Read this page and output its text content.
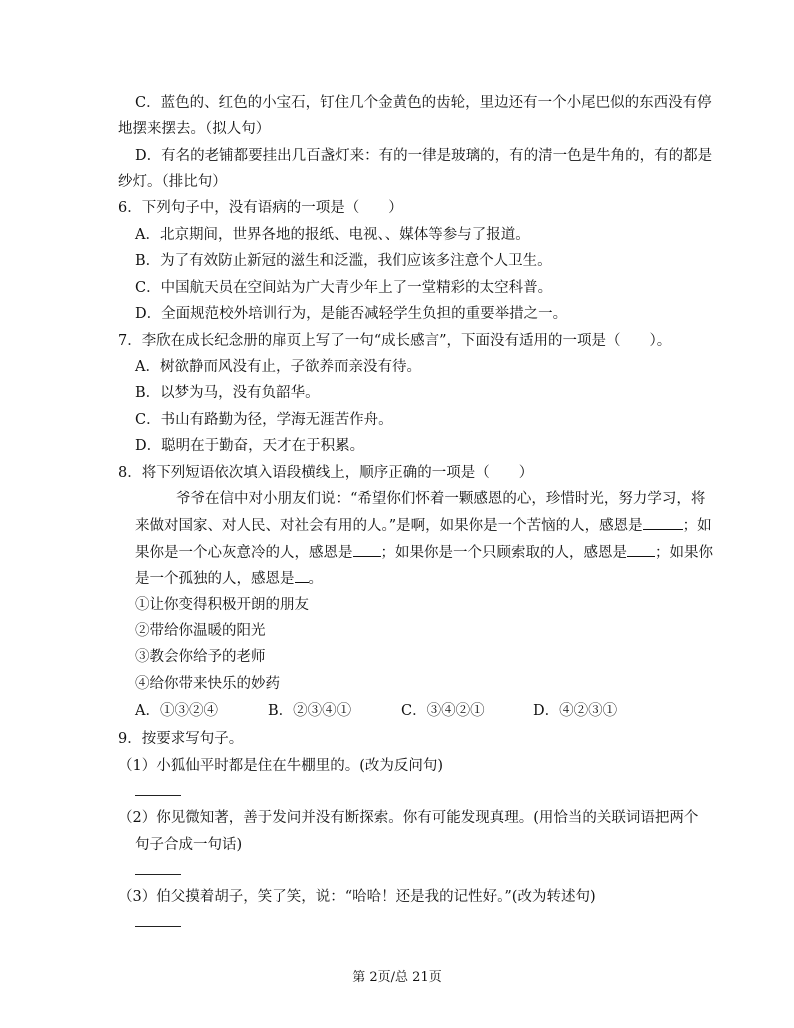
C．蓝色的、红色的小宝石，钉住几个金黄色的齿轮，里边还有一个小尾巴似的东西没有停
地摆来摆去。（拟人句）
D．有名的老铺都要挂出几百盏灯来：有的一律是玻璃的，有的清一色是牛角的，有的都是
纱灯。（排比句）
6．下列句子中，没有语病的一项是（　　）
A．北京期间，世界各地的报纸、电视、、媒体等参与了报道。
B．为了有效防止新冠的滋生和泛滥，我们应该多注意个人卫生。
C．中国航天员在空间站为广大青少年上了一堂精彩的太空科普。
D．全面规范校外培训行为，是能否减轻学生负担的重要举措之一。
7．李欣在成长纪念册的扉页上写了一句“成长感言”，下面没有适用的一项是（　　）。
A．树欲静而风没有止，子欲养而亲没有待。
B．以梦为马，没有负韶华。
C．书山有路勤为径，学海无涯苦作舟。
D．聪明在于勤奋，天才在于积累。
8．将下列短语依次填入语段横线上，顺序正确的一项是（　　）
爷爷在信中对小朋友们说：“希望你们怀着一颗感恩的心，珍惜时光，努力学习，将
来做对国家、对人民、对社会有用的人。”是啊，如果你是一个苦恼的人，感恩是	；如
果你是一个心灰意冷的人，感恩是 ；如果你是一个只顾索取的人，感恩是 ；如果你
是一个孤独的人，感恩是 。
①让你变得积极开朗的朋友
②带给你温暖的阳光
③教会你给予的老师
④给你带来快乐的妙药
A．①③②④	B．②③④①	C．③④②①	D．④②③①
9．按要求写句子。
（1）小狐仙平时都是住在牛棚里的。(改为反问句)
（2）你见微知著，善于发问并没有断探索。你有可能发现真理。(用恰当的关联词语把两个
句子合成一句话)
（3）伯父摸着胡子，笑了笑，说：“哈哈！还是我的记性好。”(改为转述句)
第 2页/总 21页
